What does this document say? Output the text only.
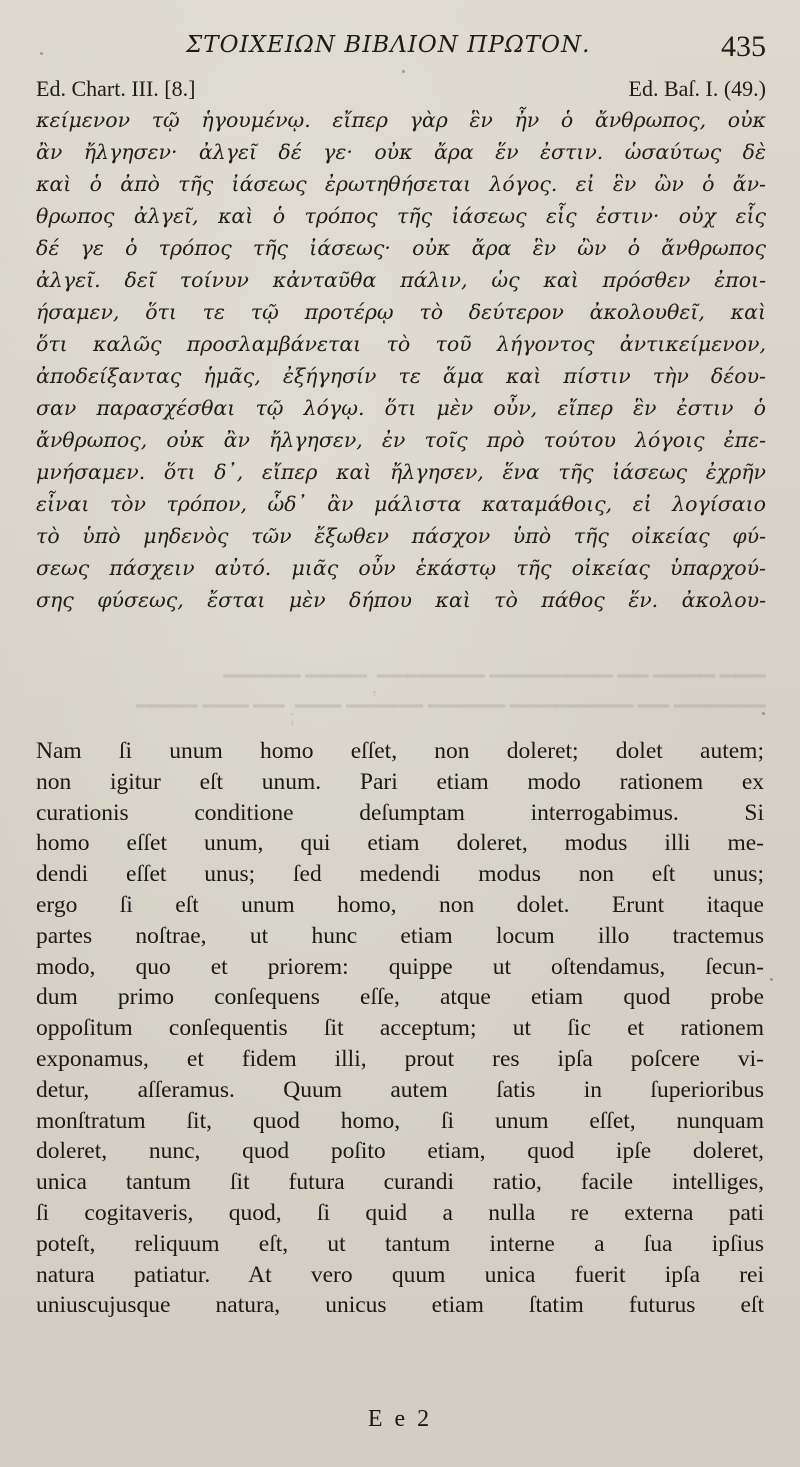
ΣΤΟΙΧΕΙΩΝ ΒΙΒΛΙΟΝ ΠΡΩΤΟΝ.	435
Ed. Chart. III. [8.]	Ed. Baſ. I. (49.)
κείμενον τῷ ἡγουμένῳ. εἴπερ γὰρ ἓν ἦν ὁ ἄνθρωπος, οὐκ
ἂν ἤλγησεν· ἀλγεῖ δέ γε· οὐκ ἄρα ἕν ἐστιν. ὡσαύτως δὲ
καὶ ὁ ἀπὸ τῆς ἰάσεως ἐρωτηθήσεται λόγος. εἰ ἓν ὢν ὁ ἄν-
θρωπος ἀλγεῖ, καὶ ὁ τρόπος τῆς ἰάσεως εἷς ἐστιν· οὐχ εἷς
δέ γε ὁ τρόπος τῆς ἰάσεως· οὐκ ἄρα ἓν ὢν ὁ ἄνθρωπος
ἀλγεῖ. δεῖ τοίνυν κἀνταῦθα πάλιν, ὡς καὶ πρόσθεν ἐποι-
ήσαμεν, ὅτι τε τῷ προτέρῳ τὸ δεύτερον ἀκολουθεῖ, καὶ
ὅτι καλῶς προσλαμβάνεται τὸ τοῦ λήγοντος ἀντικείμενον,
ἀποδείξαντας ἡμᾶς, ἐξήγησίν τε ἅμα καὶ πίστιν τὴν δέου-
σαν παρασχέσθαι τῷ λόγῳ. ὅτι μὲν οὖν, εἴπερ ἓν ἐστιν ὁ
ἄνθρωπος, οὐκ ἂν ἤλγησεν, ἐν τοῖς πρὸ τούτου λόγοις ἐπε-
μνήσαμεν. ὅτι δ᾽, εἴπερ καὶ ἤλγησεν, ἕνα τῆς ἰάσεως ἐχρῆν
εἶναι τὸν τρόπον, ὧδ᾽ ἂν μάλιστα καταμάθοις, εἰ λογίσαιο
τὸ ὑπὸ μηδενὸς τῶν ἔξωθεν πάσχον ὑπὸ τῆς οἰκείας φύ-
σεως πάσχειν αὐτό. μιᾶς οὖν ἑκάστῳ τῆς οἰκείας ὑπαρχού-
σης φύσεως, ἔσται μὲν δήπου καὶ τὸ πάθος ἕν. ἀκολου-
▔▔▔ ▔▔▔▔ ▔▔ ▔▔▔▔▔▔▔▔ ▔▔▔▔▔▔▔, ▔▔▔▔ ▔▔▔▔▔
▔▔▔▔▔▔ ▔▔ ▔▔▔▔▔▔▔▔ ▔▔▔▔▔ ▔▔▔▔▔ ▔▔▔; ▔▔ ▔▔▔ ▔▔▔▔
Nam ſi unum homo eſſet, non doleret; dolet autem;
non igitur eſt unum. Pari etiam modo rationem ex
curationis conditione deſumptam interrogabimus. Si
homo eſſet unum, qui etiam doleret, modus illi me-
dendi eſſet unus; ſed medendi modus non eſt unus;
ergo ſi eſt unum homo, non dolet. Erunt itaque
partes noſtrae, ut hunc etiam locum illo tractemus
modo, quo et priorem: quippe ut oſtendamus, ſecun-
dum primo conſequens eſſe, atque etiam quod probe
oppoſitum conſequentis ſit acceptum; ut ſic et rationem
exponamus, et fidem illi, prout res ipſa poſcere vi-
detur, aſſeramus. Quum autem ſatis in ſuperioribus
monſtratum ſit, quod homo, ſi unum eſſet, nunquam
doleret, nunc, quod poſito etiam, quod ipſe doleret,
unica tantum ſit futura curandi ratio, facile intelliges,
ſi cogitaveris, quod, ſi quid a nulla re externa pati
poteſt, reliquum eſt, ut tantum interne a ſua ipſius
natura patiatur. At vero quum unica fuerit ipſa rei
uniuscujusque natura, unicus etiam ſtatim futurus eſt
E e 2
